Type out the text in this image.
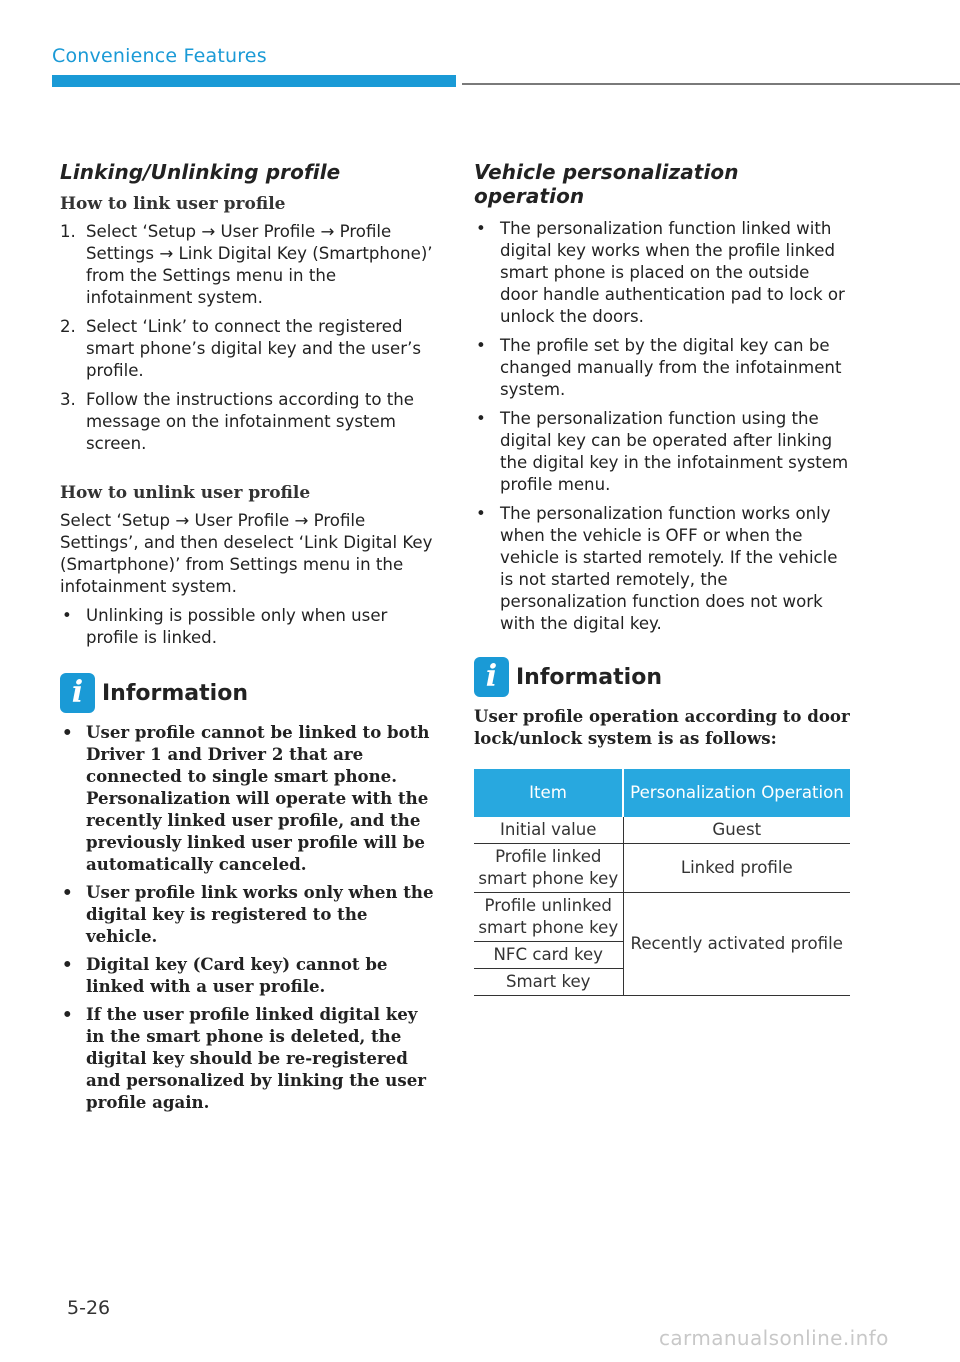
Convenience Features
Linking/Unlinking profile
How to link user profile
1. Select ‘Setup → User Profile → Profile Settings → Link Digital Key (Smartphone)’ from the Settings menu in the infotainment system.
2. Select ‘Link’ to connect the registered smart phone’s digital key and the user’s profile.
3. Follow the instructions according to the message on the infotainment system screen.
How to unlink user profile

Select ‘Setup → User Profile → Profile Settings’, and then deselect ‘Link Digital Key (Smartphone)’ from Settings menu in the infotainment system.

• Unlinking is possible only when user profile is linked.
i Information
• User profile cannot be linked to both Driver 1 and Driver 2 that are connected to single smart phone. Personalization will operate with the recently linked user profile, and the previously linked user profile will be automatically canceled.
• User profile link works only when the digital key is registered to the vehicle.
• Digital key (Card key) cannot be linked with a user profile.
• If the user profile linked digital key in the smart phone is deleted, the digital key should be re-registered and personalized by linking the user profile again.
Vehicle personalization operation
• The personalization function linked with digital key works when the profile linked smart phone is placed on the outside door handle authentication pad to lock or unlock the doors.
• The profile set by the digital key can be changed manually from the infotainment system.
• The personalization function using the digital key can be operated after linking the digital key in the infotainment system profile menu.
• The personalization function works only when the vehicle is OFF or when the vehicle is started remotely. If the vehicle is not started remotely, the personalization function does not work with the digital key.
i Information

User profile operation according to door lock/unlock system is as follows:

Item	Personalization Operation
Initial value	Guest
Profile linked smart phone key	Linked profile
Profile unlinked smart phone key	Recently activated profile
NFC card key	
Smart key	
5-26
carmanualsonline.info
